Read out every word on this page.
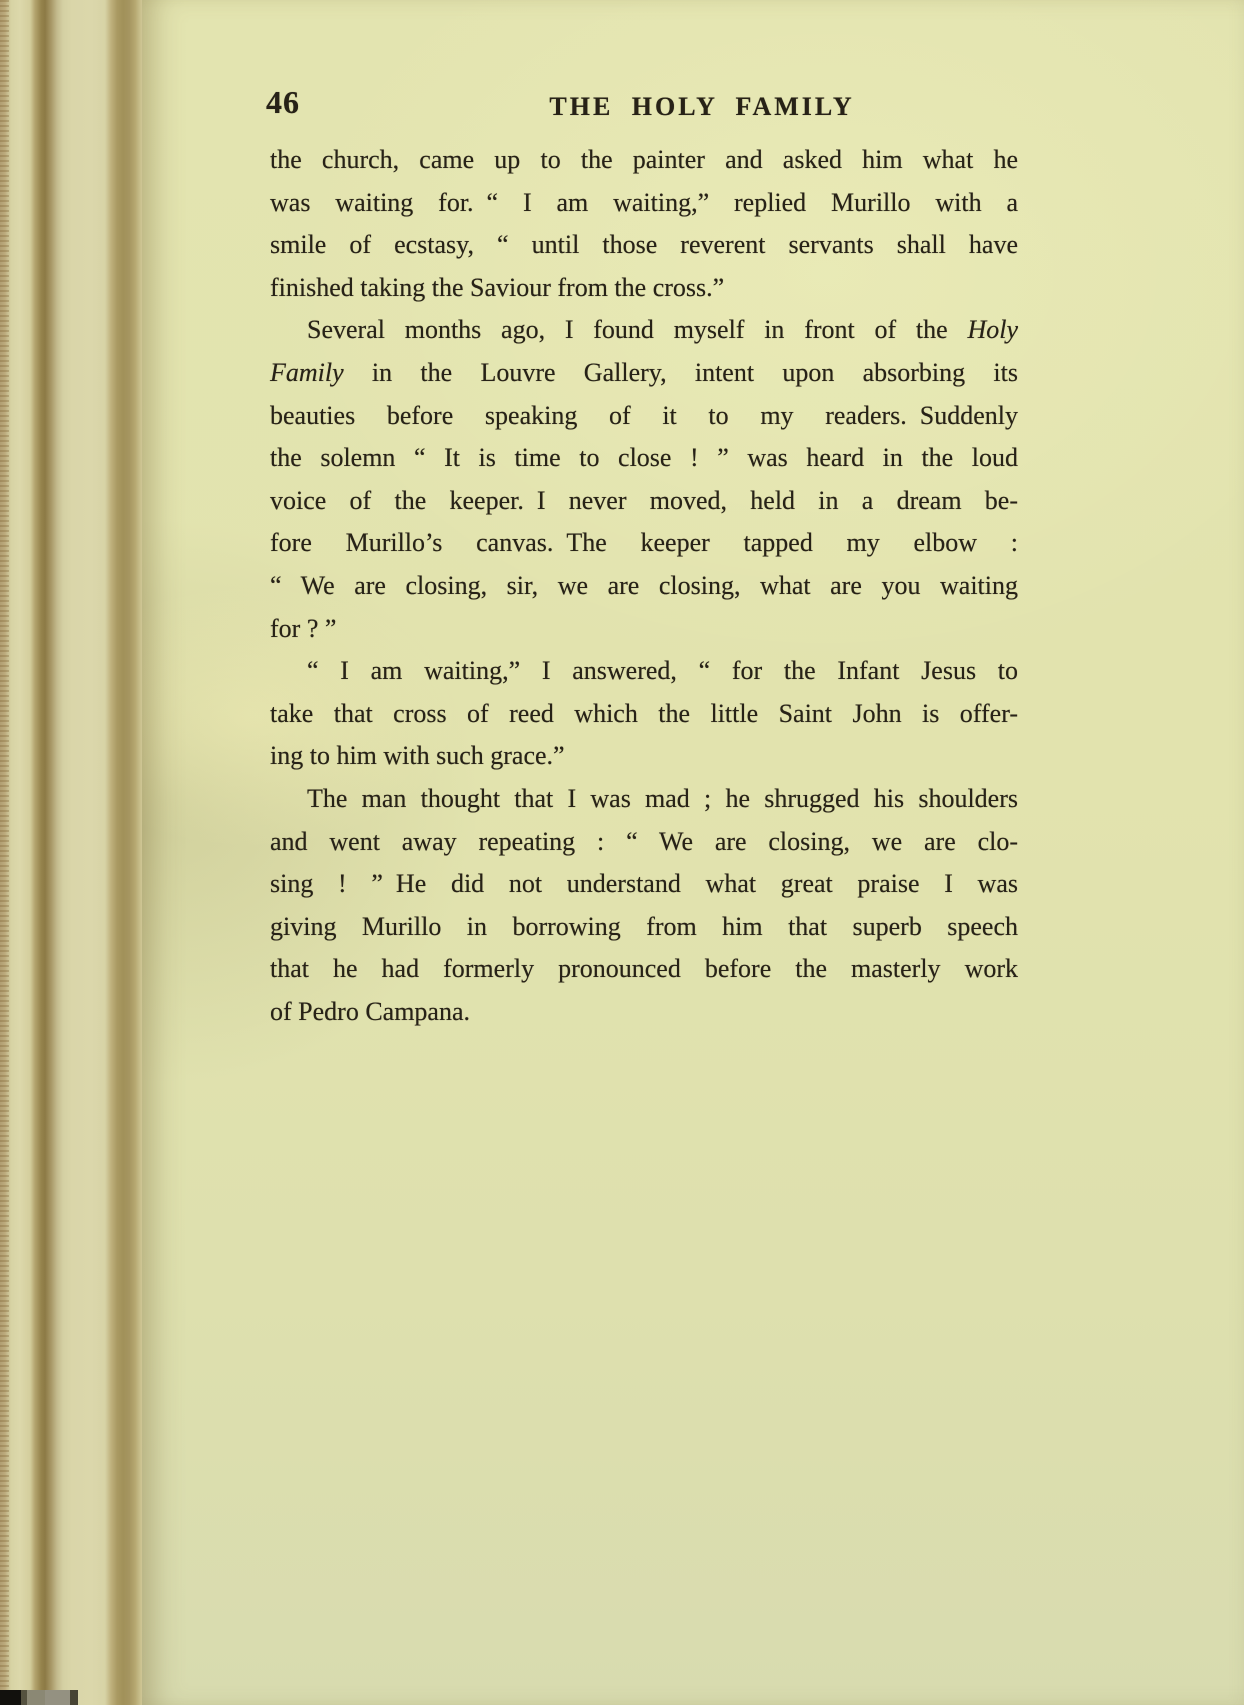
46	THE HOLY FAMILY
the church, came up to the painter and asked him what he
was waiting for. “ I am waiting,” replied Murillo with a
smile of ecstasy, “ until those reverent servants shall have
finished taking the Saviour from the cross.”
Several months ago, I found myself in front of the Holy
Family in the Louvre Gallery, intent upon absorbing its
beauties before speaking of it to my readers. Suddenly
the solemn “ It is time to close ! ” was heard in the loud
voice of the keeper. I never moved, held in a dream be-
fore Murillo’s canvas. The keeper tapped my elbow :
“ We are closing, sir, we are closing, what are you waiting
for ? ”
“ I am waiting,” I answered, “ for the Infant Jesus to
take that cross of reed which the little Saint John is offer-
ing to him with such grace.”
The man thought that I was mad ; he shrugged his shoulders
and went away repeating : “ We are closing, we are clo-
sing ! ” He did not understand what great praise I was
giving Murillo in borrowing from him that superb speech
that he had formerly pronounced before the masterly work
of Pedro Campana.
